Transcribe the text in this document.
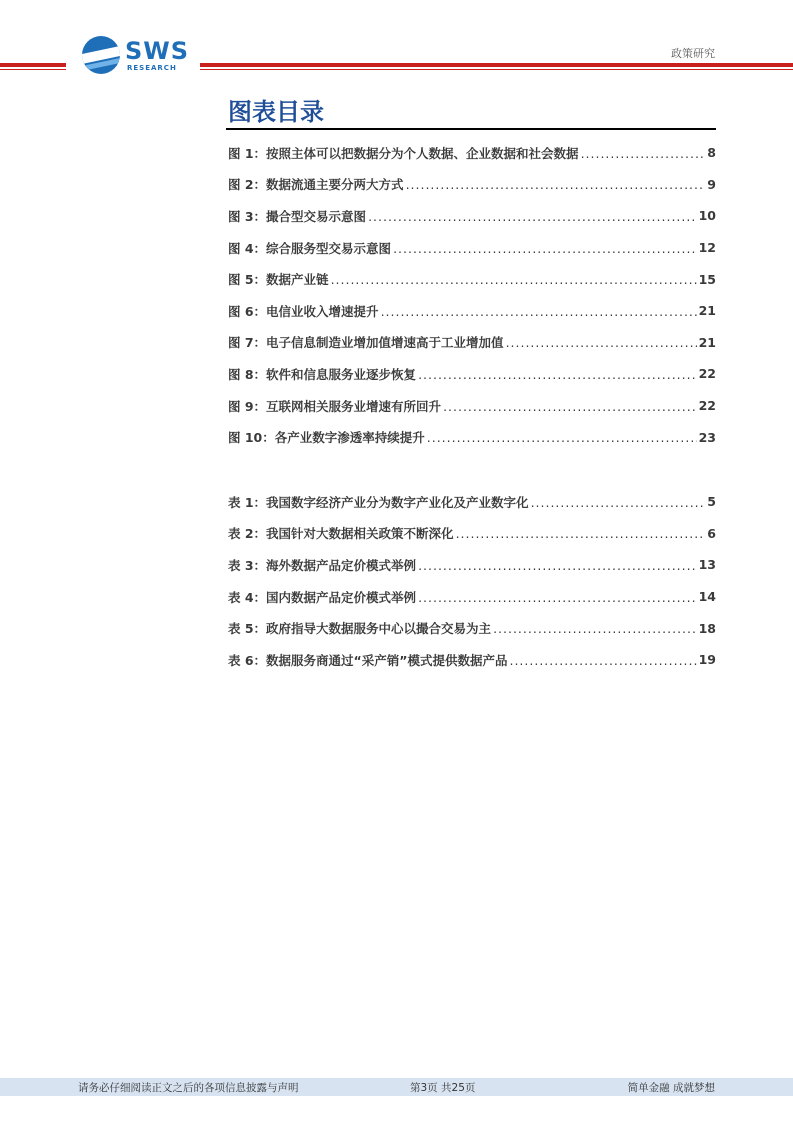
SWS
RESEARCH
政策研究
图表目录
图 1：按照主体可以把数据分为个人数据、企业数据和社会数据 .....	8
图 2：数据流通主要分两大方式 .....	9
图 3：撮合型交易示意图 .....	10
图 4：综合服务型交易示意图 .....	12
图 5：数据产业链 .....	15
图 6：电信业收入增速提升 .....	21
图 7：电子信息制造业增加值增速高于工业增加值 .....	21
图 8：软件和信息服务业逐步恢复 .....	22
图 9：互联网相关服务业增速有所回升 .....	22
图 10：各产业数字渗透率持续提升 .....	23
表 1：我国数字经济产业分为数字产业化及产业数字化 .....	5
表 2：我国针对大数据相关政策不断深化 .....	6
表 3：海外数据产品定价模式举例 .....	13
表 4：国内数据产品定价模式举例 .....	14
表 5：政府指导大数据服务中心以撮合交易为主 .....	18
表 6：数据服务商通过“采产销”模式提供数据产品 .....	19
请务必仔细阅读正文之后的各项信息披露与声明	第3页 共25页	简单金融 成就梦想
